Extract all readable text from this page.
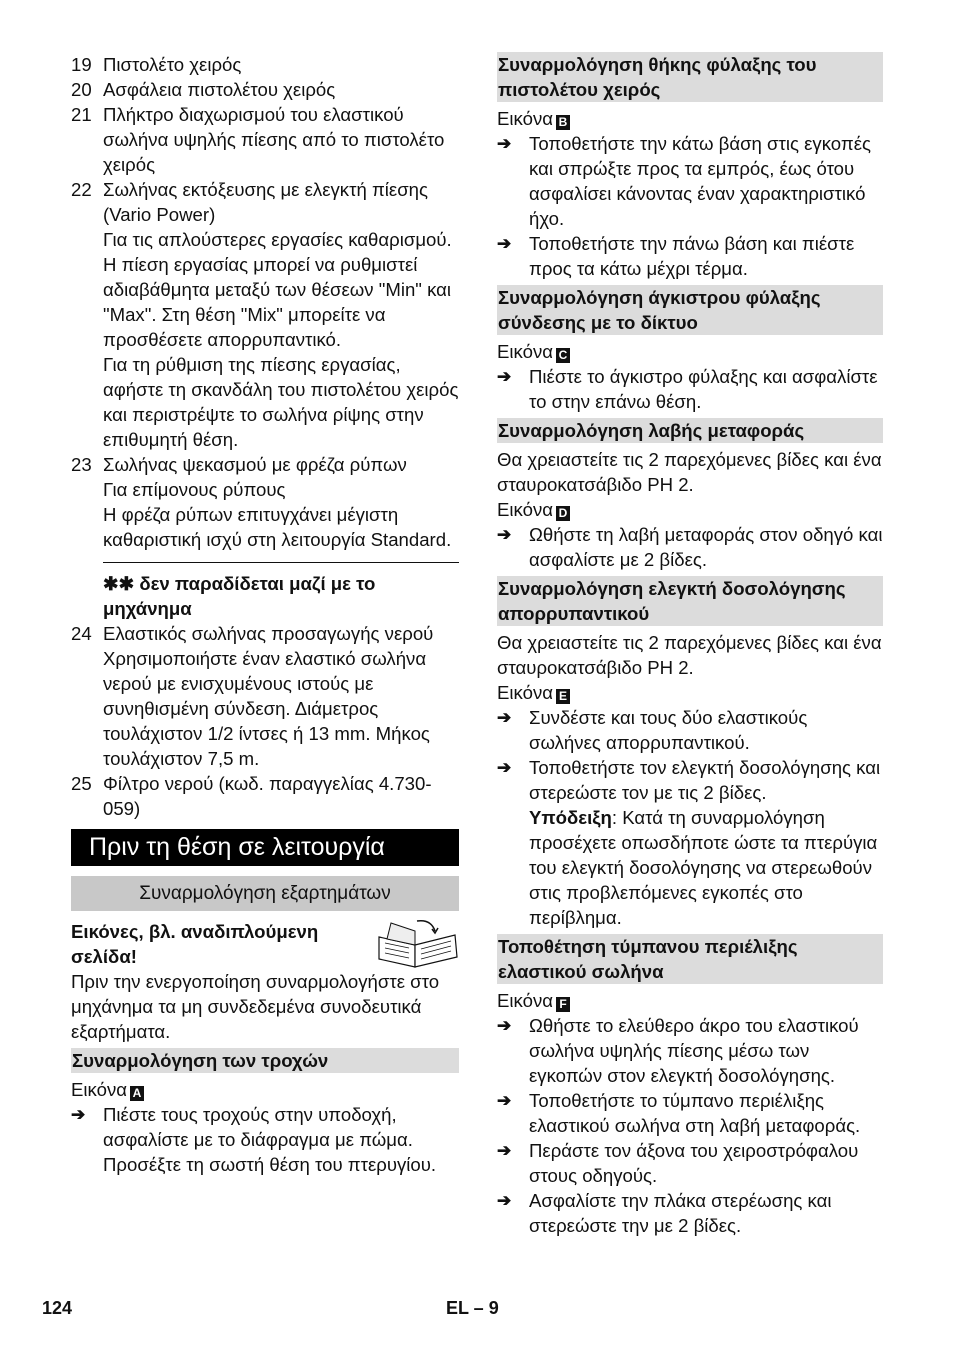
19 Πιστολέτο χειρός
20 Ασφάλεια πιστολέτου χειρός
21 Πλήκτρο διαχωρισμού του ελαστικού σωλήνα υψηλής πίεσης από το πιστολέτο χειρός
22 Σωλήνας εκτόξευσης με ελεγκτή πίεσης (Vario Power)

Για τις απλούστερες εργασίες καθαρισμού. Η πίεση εργασίας μπορεί να ρυθμιστεί αδιαβάθμητα μεταξύ των θέσεων "Min" και "Max". Στη θέση "Mix" μπορείτε να προσθέσετε απορρυπαντικό.

Για τη ρύθμιση της πίεσης εργασίας, αφήστε τη σκανδάλη του πιστολέτου χειρός και περιστρέψτε το σωλήνα ρίψης στην επιθυμητή θέση.

23 Σωλήνας ψεκασμού με φρέζα ρύπων

Για επίμονους ρύπους

Η φρέζα ρύπων επιτυγχάνει μέγιστη καθαριστική ισχύ στη λειτουργία Standard.

✱✱ δεν παραδίδεται μαζί με το μηχάνημα

24 Ελαστικός σωλήνας προσαγωγής νερού

Χρησιμοποιήστε έναν ελαστικό σωλήνα νερού με ενισχυμένους ιστούς με συνηθισμένη σύνδεση. Διάμετρος τουλάχιστον 1/2 ίντσες ή 13 mm. Μήκος τουλάχιστον 7,5 m.

25 Φίλτρο νερού (κωδ. παραγγελίας 4.730-059)
Πριν τη θέση σε λειτουργία
Συναρμολόγηση εξαρτημάτων

Εικόνες, βλ. αναδιπλούμενη σελίδα!

Πριν την ενεργοποίηση συναρμολογήστε στο μηχάνημα τα μη συνδεδεμένα συνοδευτικά εξαρτήματα.

Συναρμολόγηση των τροχών

Εικόνα A

➔ Πιέστε τους τροχούς στην υποδοχή, ασφαλίστε με το διάφραγμα με πώμα. Προσέξτε τη σωστή θέση του πτερυγίου.
Συναρμολόγηση θήκης φύλαξης του πιστολέτου χειρός

Εικόνα B

➔ Τοποθετήστε την κάτω βάση στις εγκοπές και σπρώξτε προς τα εμπρός, έως ότου ασφαλίσει κάνοντας έναν χαρακτηριστικό ήχο.
➔ Τοποθετήστε την πάνω βάση και πιέστε προς τα κάτω μέχρι τέρμα.
Συναρμολόγηση άγκιστρου φύλαξης σύνδεσης με το δίκτυο

Εικόνα C

➔ Πιέστε το άγκιστρο φύλαξης και ασφαλίστε το στην επάνω θέση.
Συναρμολόγηση λαβής μεταφοράς

Θα χρειαστείτε τις 2 παρεχόμενες βίδες και ένα σταυροκατσάβιδο PH 2.

Εικόνα D

➔ Ωθήστε τη λαβή μεταφοράς στον οδηγό και ασφαλίστε με 2 βίδες.
Συναρμολόγηση ελεγκτή δοσολόγησης απορρυπαντικού

Θα χρειαστείτε τις 2 παρεχόμενες βίδες και ένα σταυροκατσάβιδο PH 2.

Εικόνα E

➔ Συνδέστε και τους δύο ελαστικούς σωλήνες απορρυπαντικού.
➔ Τοποθετήστε τον ελεγκτή δοσολόγησης και στερεώστε τον με τις 2 βίδες.

Υπόδειξη: Κατά τη συναρμολόγηση προσέχετε οπωσδήποτε ώστε τα πτερύγια του ελεγκτή δοσολόγησης να στερεωθούν στις προβλεπόμενες εγκοπές στο περίβλημα.

Τοποθέτηση τύμπανου περιέλιξης ελαστικού σωλήνα

Εικόνα F

➔ Ωθήστε το ελεύθερο άκρο του ελαστικού σωλήνα υψηλής πίεσης μέσω των εγκοπών στον ελεγκτή δοσολόγησης.
➔ Τοποθετήστε το τύμπανο περιέλιξης ελαστικού σωλήνα στη λαβή μεταφοράς.
➔ Περάστε τον άξονα του χειροστρόφαλου στους οδηγούς.
➔ Ασφαλίστε την πλάκα στερέωσης και στερεώστε την με 2 βίδες.
124	EL – 9
